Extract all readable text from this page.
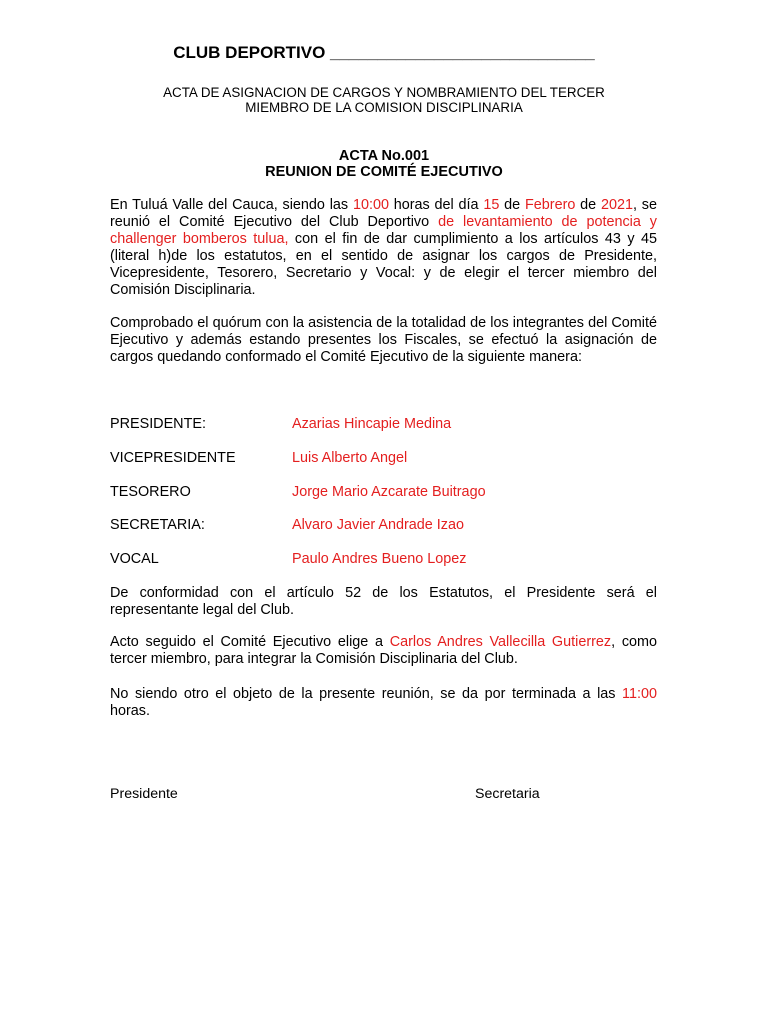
CLUB DEPORTIVO ____________________________
ACTA DE ASIGNACION DE CARGOS Y NOMBRAMIENTO DEL TERCER
MIEMBRO DE LA COMISION DISCIPLINARIA
ACTA No.001
REUNION DE COMITÉ EJECUTIVO
En Tuluá Valle del Cauca, siendo las 10:00 horas del día 15 de Febrero de 2021, se reunió el Comité Ejecutivo del Club Deportivo de levantamiento de potencia y challenger bomberos tulua, con el fin de dar cumplimiento a los artículos 43 y 45 (literal h)de los estatutos, en el sentido de asignar los cargos de Presidente, Vicepresidente, Tesorero, Secretario y Vocal: y de elegir el tercer miembro del Comisión Disciplinaria.
Comprobado el quórum con la asistencia de la totalidad de los integrantes del Comité Ejecutivo y además estando presentes los Fiscales, se efectuó la asignación de cargos quedando conformado el Comité Ejecutivo de la siguiente manera:
PRESIDENTE:	Azarias Hincapie Medina
VICEPRESIDENTE	Luis Alberto Angel
TESORERO	Jorge Mario Azcarate Buitrago
SECRETARIA:	Alvaro Javier Andrade Izao
VOCAL	Paulo Andres Bueno Lopez
De conformidad con el artículo 52 de los Estatutos, el Presidente será el representante legal del Club.
Acto seguido el Comité Ejecutivo elige a Carlos Andres Vallecilla Gutierrez, como tercer miembro, para integrar la Comisión Disciplinaria del Club.
No siendo otro el objeto de la presente reunión, se da por terminada a las 11:00 horas.
Presidente	Secretaria
